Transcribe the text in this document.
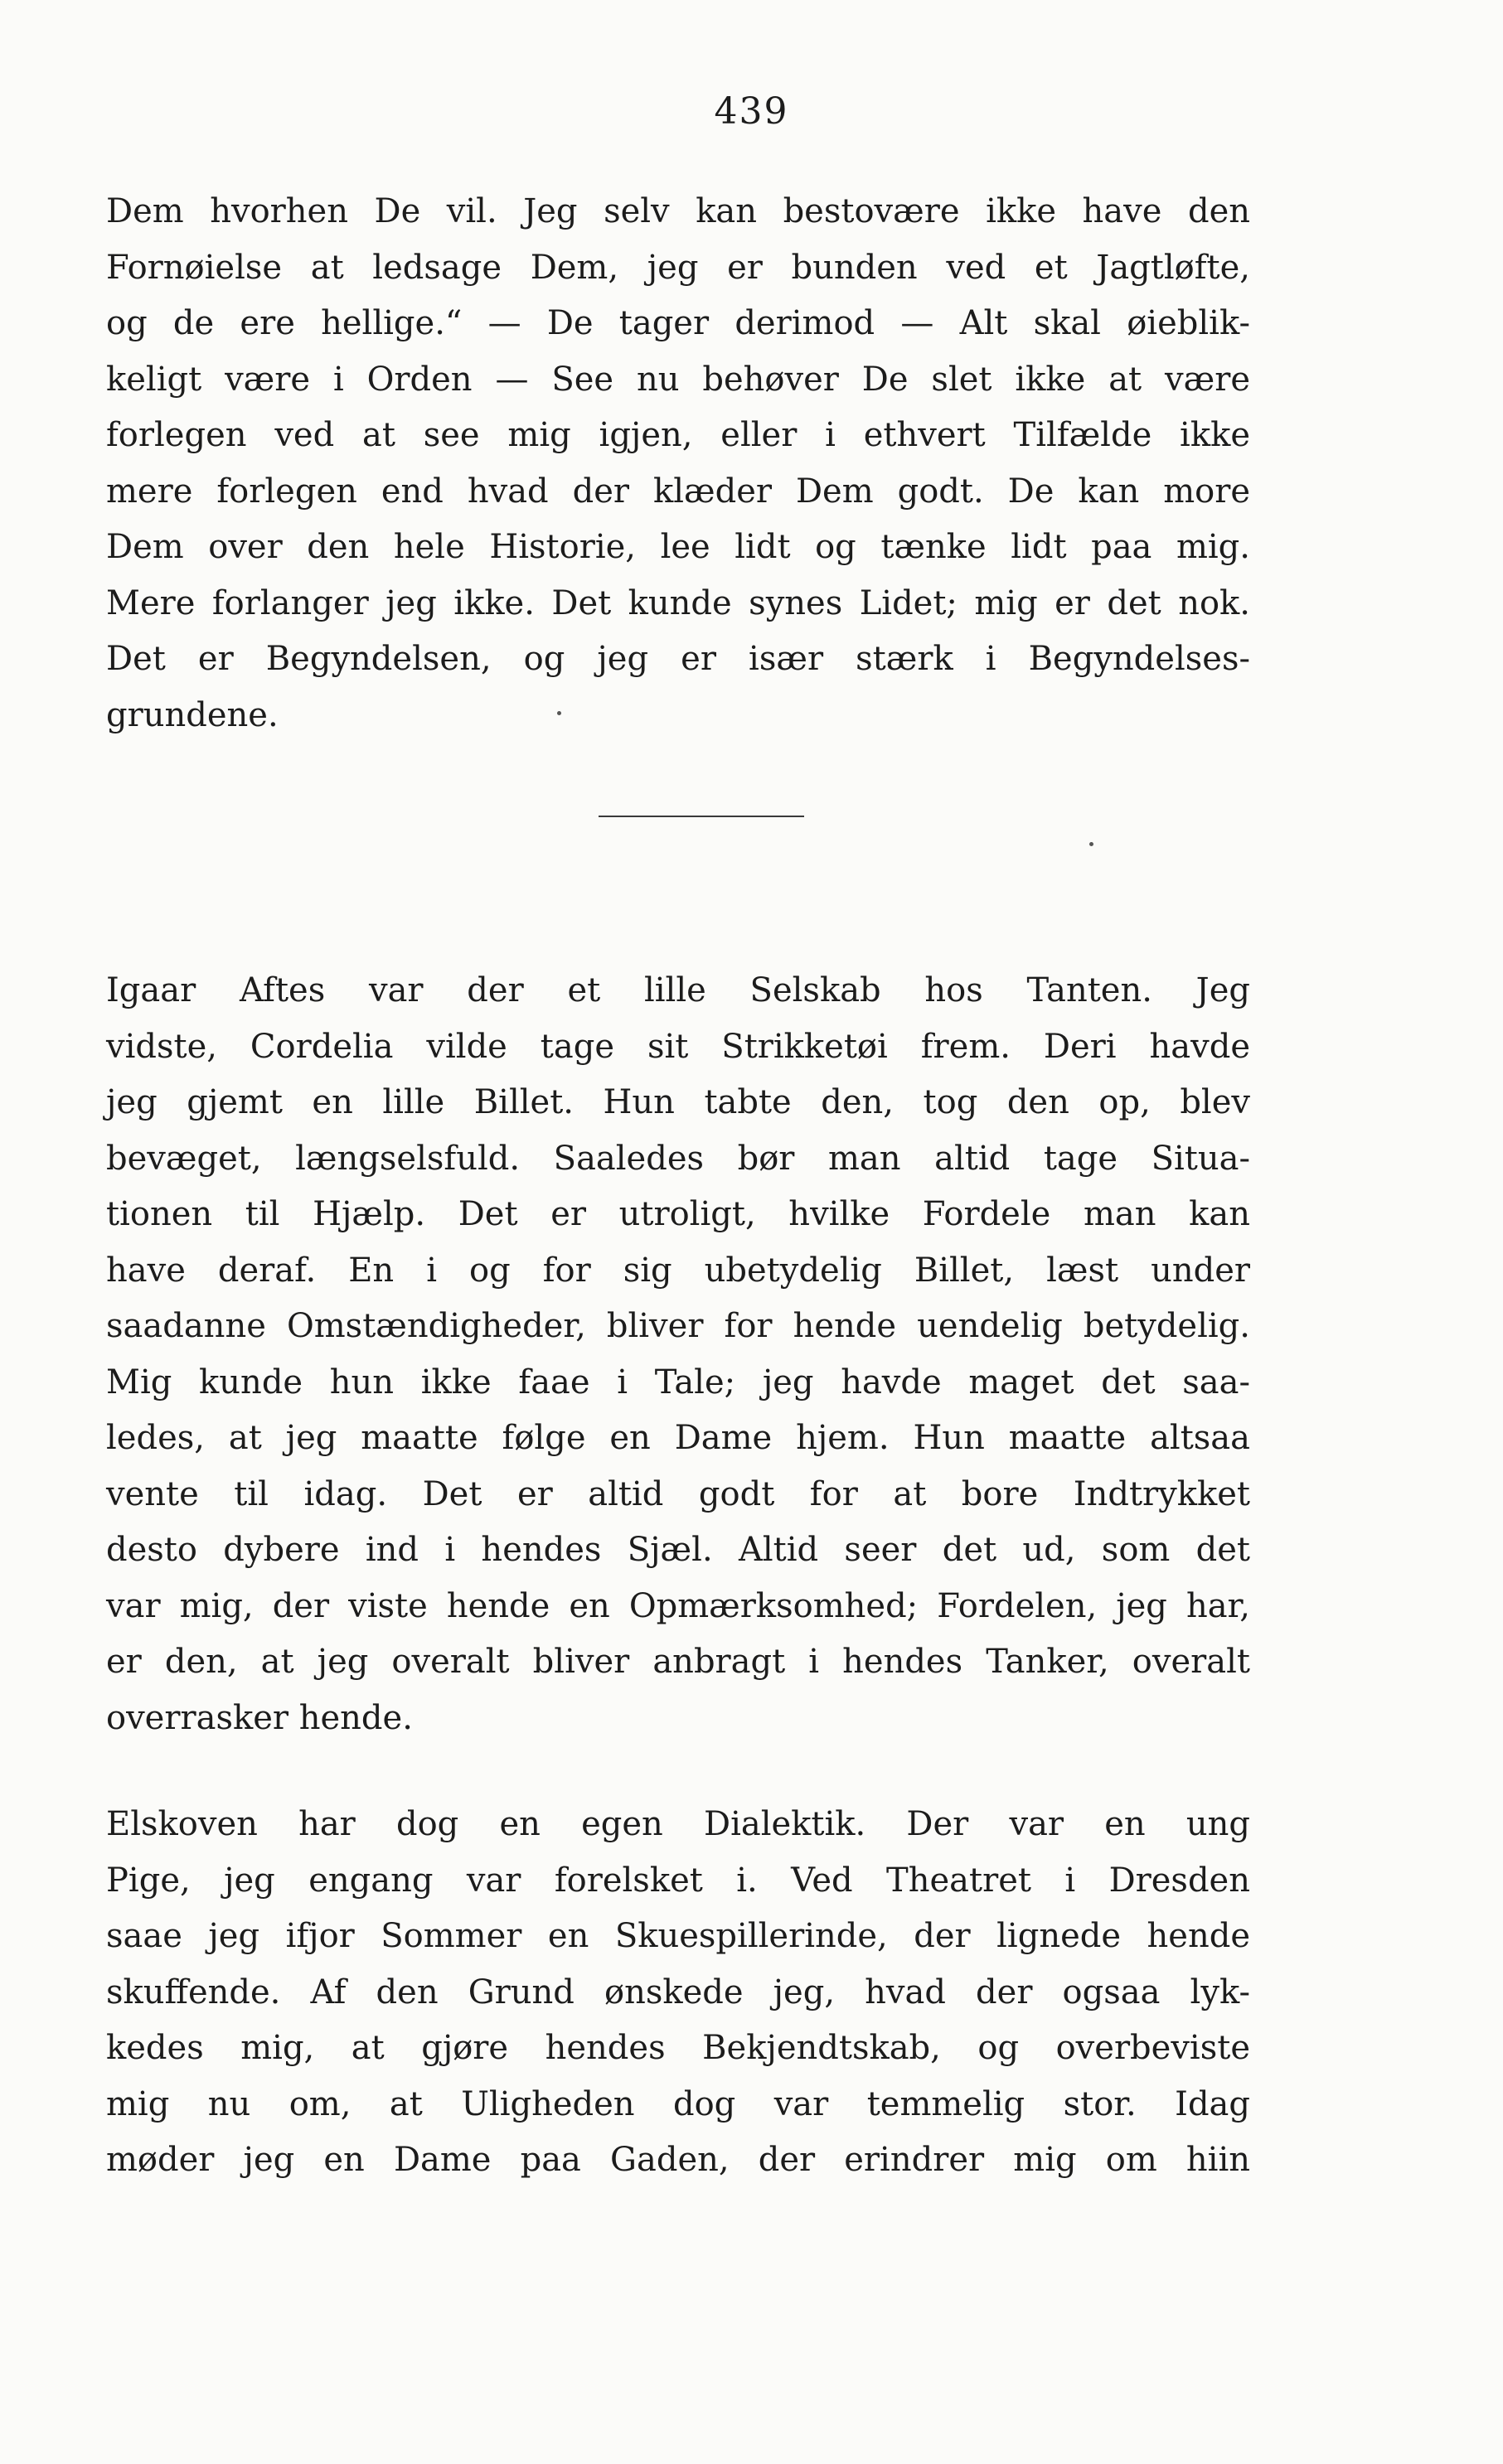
439
Dem hvorhen De vil. Jeg selv kan bestovære ikke have den
Fornøielse at ledsage Dem, jeg er bunden ved et Jagtløfte,
og de ere hellige.“ — De tager derimod — Alt skal øieblik-
keligt være i Orden — See nu behøver De slet ikke at være
forlegen ved at see mig igjen, eller i ethvert Tilfælde ikke
mere forlegen end hvad der klæder Dem godt. De kan more
Dem over den hele Historie, lee lidt og tænke lidt paa mig.
Mere forlanger jeg ikke. Det kunde synes Lidet; mig er det nok.
Det er Begyndelsen, og jeg er især stærk i Begyndelses-
grundene.
Igaar Aftes var der et lille Selskab hos Tanten. Jeg
vidste, Cordelia vilde tage sit Strikketøi frem. Deri havde
jeg gjemt en lille Billet. Hun tabte den, tog den op, blev
bevæget, længselsfuld. Saaledes bør man altid tage Situa-
tionen til Hjælp. Det er utroligt, hvilke Fordele man kan
have deraf. En i og for sig ubetydelig Billet, læst under
saadanne Omstændigheder, bliver for hende uendelig betydelig.
Mig kunde hun ikke faae i Tale; jeg havde maget det saa-
ledes, at jeg maatte følge en Dame hjem. Hun maatte altsaa
vente til idag. Det er altid godt for at bore Indtrykket
desto dybere ind i hendes Sjæl. Altid seer det ud, som det
var mig, der viste hende en Opmærksomhed; Fordelen, jeg har,
er den, at jeg overalt bliver anbragt i hendes Tanker, overalt
overrasker hende.
Elskoven har dog en egen Dialektik. Der var en ung
Pige, jeg engang var forelsket i. Ved Theatret i Dresden
saae jeg ifjor Sommer en Skuespillerinde, der lignede hende
skuffende. Af den Grund ønskede jeg, hvad der ogsaa lyk-
kedes mig, at gjøre hendes Bekjendtskab, og overbeviste
mig nu om, at Uligheden dog var temmelig stor. Idag
møder jeg en Dame paa Gaden, der erindrer mig om hiin
